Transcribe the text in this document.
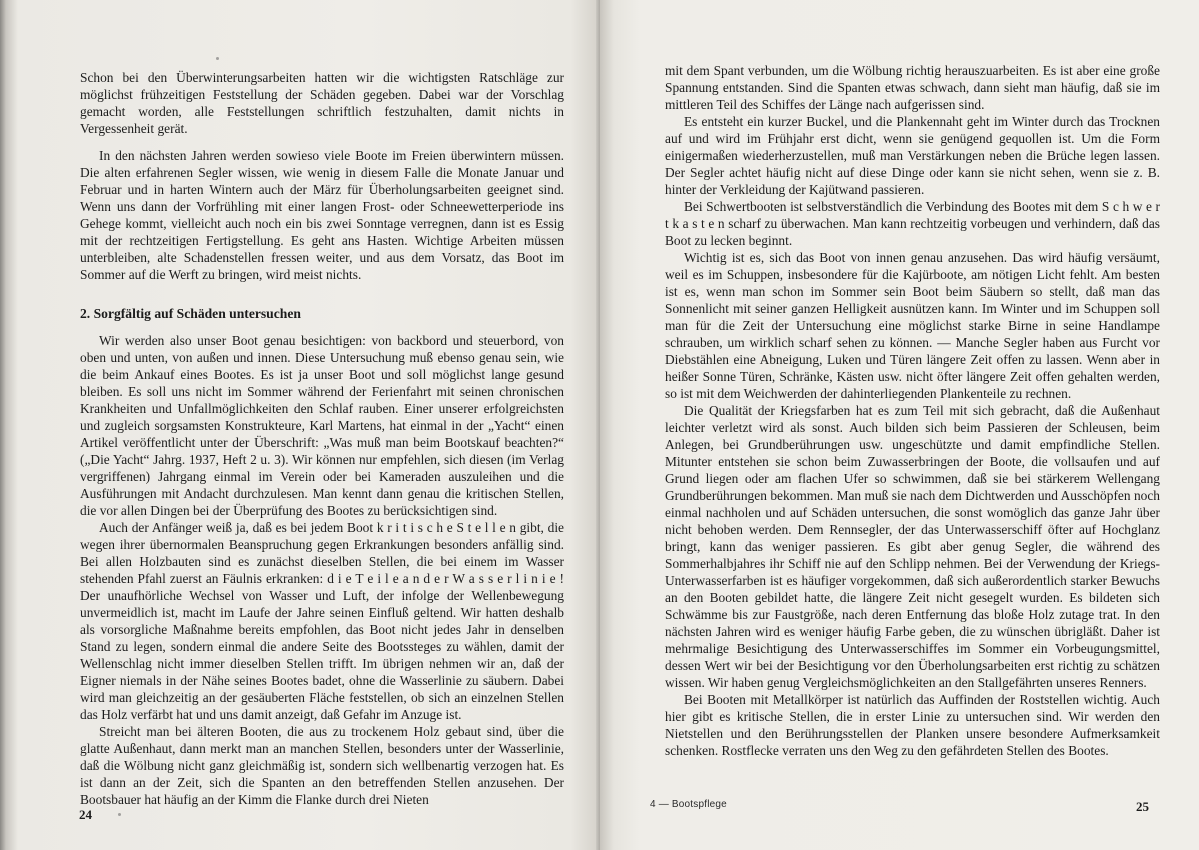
Schon bei den Überwinterungsarbeiten hatten wir die wichtigsten Ratschläge zur möglichst frühzeitigen Feststellung der Schäden gegeben. Dabei war der Vorschlag gemacht worden, alle Feststellungen schriftlich festzuhalten, damit nichts in Vergessenheit gerät.

In den nächsten Jahren werden sowieso viele Boote im Freien überwintern müssen. Die alten erfahrenen Segler wissen, wie wenig in diesem Falle die Monate Januar und Februar und in harten Wintern auch der März für Überholungsarbeiten geeignet sind. Wenn uns dann der Vorfrühling mit einer langen Frost- oder Schneewetterperiode ins Gehege kommt, vielleicht auch noch ein bis zwei Sonntage verregnen, dann ist es Essig mit der rechtzeitigen Fertigstellung. Es geht ans Hasten. Wichtige Arbeiten müssen unterbleiben, alte Schadenstellen fressen weiter, und aus dem Vorsatz, das Boot im Sommer auf die Werft zu bringen, wird meist nichts.

2. Sorgfältig auf Schäden untersuchen

Wir werden also unser Boot genau besichtigen: von backbord und steuerbord, von oben und unten, von außen und innen. Diese Untersuchung muß ebenso genau sein, wie die beim Ankauf eines Bootes. Es ist ja unser Boot und soll möglichst lange gesund bleiben. Es soll uns nicht im Sommer während der Ferienfahrt mit seinen chronischen Krankheiten und Unfallmöglichkeiten den Schlaf rauben. Einer unserer erfolgreichsten und zugleich sorgsamsten Konstrukteure, Karl Martens, hat einmal in der „Yacht“ einen Artikel veröffentlicht unter der Überschrift: „Was muß man beim Bootskauf beachten?“ („Die Yacht“ Jahrg. 1937, Heft 2 u. 3). Wir können nur empfehlen, sich diesen (im Verlag vergriffenen) Jahrgang einmal im Verein oder bei Kameraden auszuleihen und die Ausführungen mit Andacht durchzulesen. Man kennt dann genau die kritischen Stellen, die vor allen Dingen bei der Überprüfung des Bootes zu berücksichtigen sind.

Auch der Anfänger weiß ja, daß es bei jedem Boot k r i t i s c h e S t e l l e n gibt, die wegen ihrer übernormalen Beanspruchung gegen Erkrankungen besonders anfällig sind. Bei allen Holzbauten sind es zunächst dieselben Stellen, die bei einem im Wasser stehenden Pfahl zuerst an Fäulnis erkranken: d i e T e i l e a n d e r W a s s e r l i n i e ! Der unaufhörliche Wechsel von Wasser und Luft, der infolge der Wellenbewegung unvermeidlich ist, macht im Laufe der Jahre seinen Einfluß geltend. Wir hatten deshalb als vorsorgliche Maßnahme bereits empfohlen, das Boot nicht jedes Jahr in denselben Stand zu legen, sondern einmal die andere Seite des Bootssteges zu wählen, damit der Wellenschlag nicht immer dieselben Stellen trifft. Im übrigen nehmen wir an, daß der Eigner niemals in der Nähe seines Bootes badet, ohne die Wasserlinie zu säubern. Dabei wird man gleichzeitig an der gesäuberten Fläche feststellen, ob sich an einzelnen Stellen das Holz verfärbt hat und uns damit anzeigt, daß Gefahr im Anzuge ist.

Streicht man bei älteren Booten, die aus zu trockenem Holz gebaut sind, über die glatte Außenhaut, dann merkt man an manchen Stellen, besonders unter der Wasserlinie, daß die Wölbung nicht ganz gleichmäßig ist, sondern sich wellbenartig verzogen hat. Es ist dann an der Zeit, sich die Spanten an den betreffenden Stellen anzusehen. Der Bootsbauer hat häufig an der Kimm die Flanke durch drei Nieten

24

mit dem Spant verbunden, um die Wölbung richtig herauszuarbeiten. Es ist aber eine große Spannung entstanden. Sind die Spanten etwas schwach, dann sieht man häufig, daß sie im mittleren Teil des Schiffes der Länge nach aufgerissen sind.

Es entsteht ein kurzer Buckel, und die Plankennaht geht im Winter durch das Trocknen auf und wird im Frühjahr erst dicht, wenn sie genügend gequollen ist. Um die Form einigermaßen wiederherzustellen, muß man Verstärkungen neben die Brüche legen lassen. Der Segler achtet häufig nicht auf diese Dinge oder kann sie nicht sehen, wenn sie z. B. hinter der Verkleidung der Kajütwand passieren.

Bei Schwertbooten ist selbstverständlich die Verbindung des Bootes mit dem S c h w e r t k a s t e n scharf zu überwachen. Man kann rechtzeitig vorbeugen und verhindern, daß das Boot zu lecken beginnt.

Wichtig ist es, sich das Boot von innen genau anzusehen. Das wird häufig versäumt, weil es im Schuppen, insbesondere für die Kajürboote, am nötigen Licht fehlt. Am besten ist es, wenn man schon im Sommer sein Boot beim Säubern so stellt, daß man das Sonnenlicht mit seiner ganzen Helligkeit ausnützen kann. Im Winter und im Schuppen soll man für die Zeit der Untersuchung eine möglichst starke Birne in seine Handlampe schrauben, um wirklich scharf sehen zu können. — Manche Segler haben aus Furcht vor Diebstählen eine Abneigung, Luken und Türen längere Zeit offen zu lassen. Wenn aber in heißer Sonne Türen, Schränke, Kästen usw. nicht öfter längere Zeit offen gehalten werden, so ist mit dem Weichwerden der dahinterliegenden Plankenteile zu rechnen.

Die Qualität der Kriegsfarben hat es zum Teil mit sich gebracht, daß die Außenhaut leichter verletzt wird als sonst. Auch bilden sich beim Passieren der Schleusen, beim Anlegen, bei Grundberührungen usw. ungeschützte und damit empfindliche Stellen. Mitunter entstehen sie schon beim Zuwasserbringen der Boote, die vollsaufen und auf Grund liegen oder am flachen Ufer so schwimmen, daß sie bei stärkerem Wellengang Grundberührungen bekommen. Man muß sie nach dem Dichtwerden und Ausschöpfen noch einmal nachholen und auf Schäden untersuchen, die sonst womöglich das ganze Jahr über nicht behoben werden. Dem Rennsegler, der das Unterwasserschiff öfter auf Hochglanz bringt, kann das weniger passieren. Es gibt aber genug Segler, die während des Sommerhalbjahres ihr Schiff nie auf den Schlipp nehmen. Bei der Verwendung der Kriegs-Unterwasserfarben ist es häufiger vorgekommen, daß sich außerordentlich starker Bewuchs an den Booten gebildet hatte, die längere Zeit nicht gesegelt wurden. Es bildeten sich Schwämme bis zur Faustgröße, nach deren Entfernung das bloße Holz zutage trat. In den nächsten Jahren wird es weniger häufig Farbe geben, die zu wünschen übrigläßt. Daher ist mehrmalige Besichtigung des Unterwasserschiffes im Sommer ein Vorbeugungsmittel, dessen Wert wir bei der Besichtigung vor den Überholungsarbeiten erst richtig zu schätzen wissen. Wir haben genug Vergleichsmöglichkeiten an den Stallgefährten unseres Renners.

Bei Booten mit Metallkörper ist natürlich das Auffinden der Roststellen wichtig. Auch hier gibt es kritische Stellen, die in erster Linie zu untersuchen sind. Wir werden den Nietstellen und den Berührungsstellen der Planken unsere besondere Aufmerksamkeit schenken. Rostflecke verraten uns den Weg zu den gefährdeten Stellen des Bootes.

4 — Bootspflege	25
